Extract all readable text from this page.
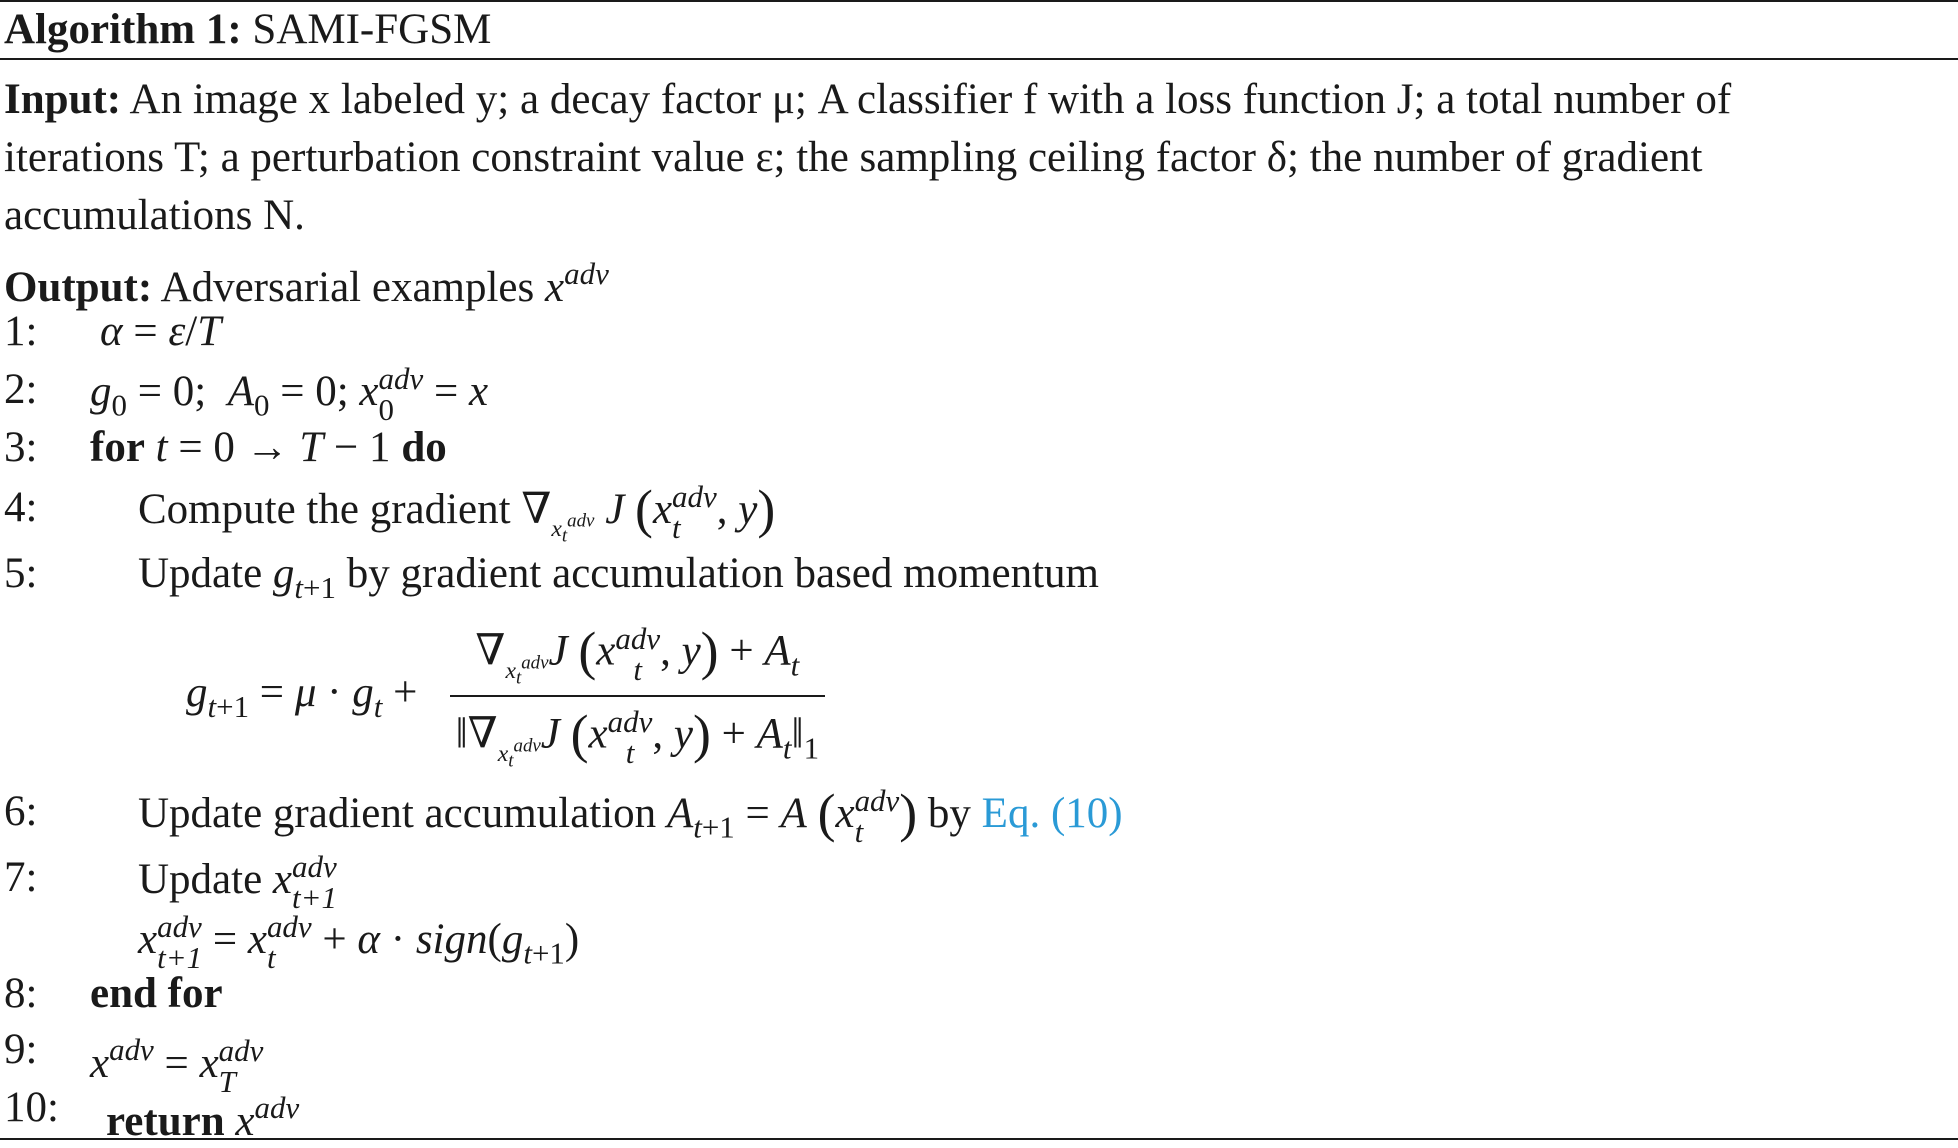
Algorithm 1: SAMI-FGSM
Input: An image x labeled y; a decay factor μ; A classifier f with a loss function J; a total number of
iterations T; a perturbation constraint value ε; the sampling ceiling factor δ; the number of gradient
accumulations N.
Output: Adversarial examples $x^{adv}$
1: α = ε/T
2: $g_0 = 0$;  $A_0 = 0$; x adv
0 = x
3: for t = 0 → T − 1 do
4: Compute the gradient $\nabla_{x_t^{adv}}$ J (x adv
t , y)
5: Update $g_{t+1}$ by gradient accumulation based momentum
$g_{t+1} = \mu \cdot g_t + \nabla_{x_t^{adv}}J$ (x adv
t , $y) + A_t$
$‖\nabla_{x_t^{adv}}J$ (x adv
t , $y) + A_t‖_1$
6: Update gradient accumulation $A_{t+1} = A$ (x adv
t ) by Eq. (10)
7: Update x adv
t+1
x adv
t+1 = x adv
$t + \alpha \cdot sign(g_{t+1})$
8: end for
9: $x^{adv} = x$ adv
T
10: return $x^{adv}$
